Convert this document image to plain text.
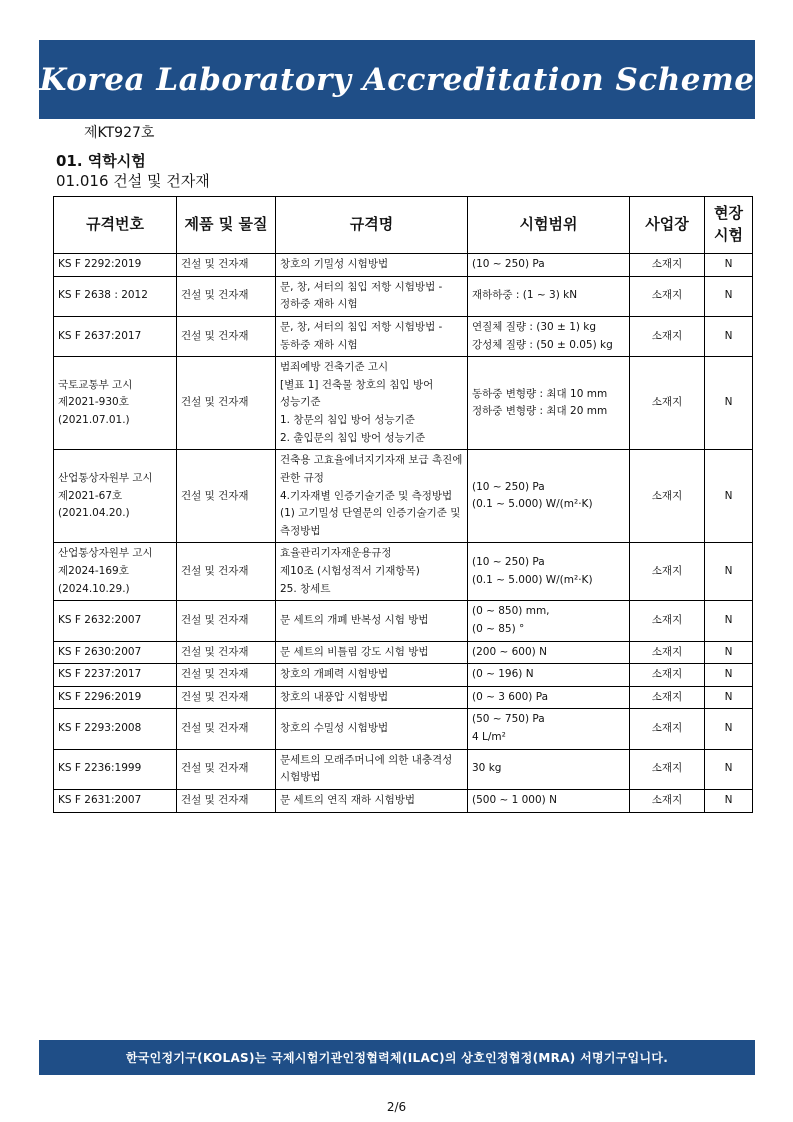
Korea Laboratory Accreditation Scheme
제KT927호
01. 역학시험
01.016 건설 및 건자재
규격번호	제품 및 물질	규격명	시험범위	사업장	현장
시험
KS F 2292:2019	건설 및 건자재	창호의 기밀성 시험방법	(10 ~ 250) Pa	소재지	N
KS F 2638 : 2012	건설 및 건자재	문, 창, 셔터의 침입 저항 시험방법 -
정하중 재하 시험	재하하중 : (1 ~ 3) kN	소재지	N
KS F 2637:2017	건설 및 건자재	문, 창, 셔터의 침입 저항 시험방법 -
동하중 재하 시험	연질체 질량 : (30 ± 1) kg
강성체 질량 : (50 ± 0.05) kg	소재지	N
국토교통부 고시
제2021-930호
(2021.07.01.)	건설 및 건자재	범죄예방 건축기준 고시
[별표 1] 건축물 창호의 침입 방어
성능기준
1. 창문의 침입 방어 성능기준
2. 출입문의 침입 방어 성능기준	동하중 변형량 : 최대 10 mm
정하중 변형량 : 최대 20 mm	소재지	N
산업통상자원부 고시
제2021-67호
(2021.04.20.)	건설 및 건자재	건축용 고효율에너지기자재 보급 촉진에
관한 규정
4.기자재별 인증기술기준 및 측정방법
(1) 고기밀성 단열문의 인증기술기준 및
측정방법	(10 ~ 250) Pa
(0.1 ~ 5.000) W/(m²·K)	소재지	N
산업통상자원부 고시
제2024-169호
(2024.10.29.)	건설 및 건자재	효율관리기자재운용규정
제10조 (시험성적서 기재항목)
25. 창세트	(10 ~ 250) Pa
(0.1 ~ 5.000) W/(m²·K)	소재지	N
KS F 2632:2007	건설 및 건자재	문 세트의 개폐 반복성 시험 방법	(0 ~ 850) mm,
(0 ~ 85) °	소재지	N
KS F 2630:2007	건설 및 건자재	문 세트의 비틀림 강도 시험 방법	(200 ~ 600) N	소재지	N
KS F 2237:2017	건설 및 건자재	창호의 개폐력 시험방법	(0 ~ 196) N	소재지	N
KS F 2296:2019	건설 및 건자재	창호의 내풍압 시험방법	(0 ~ 3 600) Pa	소재지	N
KS F 2293:2008	건설 및 건자재	창호의 수밀성 시험방법	(50 ~ 750) Pa
4 L/m²	소재지	N
KS F 2236:1999	건설 및 건자재	문세트의 모래주머니에 의한 내충격성
시험방법	30 kg	소재지	N
KS F 2631:2007	건설 및 건자재	문 세트의 연직 재하 시험방법	(500 ~ 1 000) N	소재지	N
한국인정기구(KOLAS)는 국제시험기관인정협력체(ILAC)의 상호인정협정(MRA) 서명기구입니다.
2/6
